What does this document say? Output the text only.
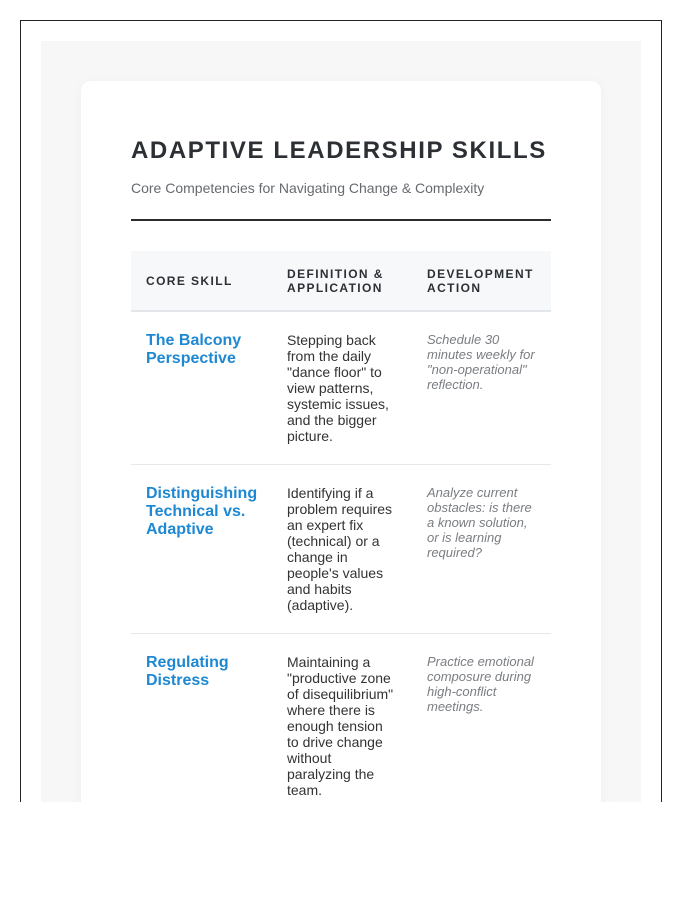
ADAPTIVE LEADERSHIP SKILLS

Core Competencies for Navigating Change & Complexity

CORE SKILL	DEFINITION & APPLICATION	DEVELOPMENT ACTION

The Balcony Perspective	Stepping back from the daily "dance floor" to view patterns, systemic issues, and the bigger picture.	Schedule 30 minutes weekly for "non-operational" reflection.

Distinguishing Technical vs. Adaptive	Identifying if a problem requires an expert fix (technical) or a change in people's values and habits (adaptive).	Analyze current obstacles: is there a known solution, or is learning required?

Regulating Distress	Maintaining a "productive zone of disequilibrium" where there is enough tension to drive change without paralyzing the team.	Practice emotional composure during high-conflict meetings.
